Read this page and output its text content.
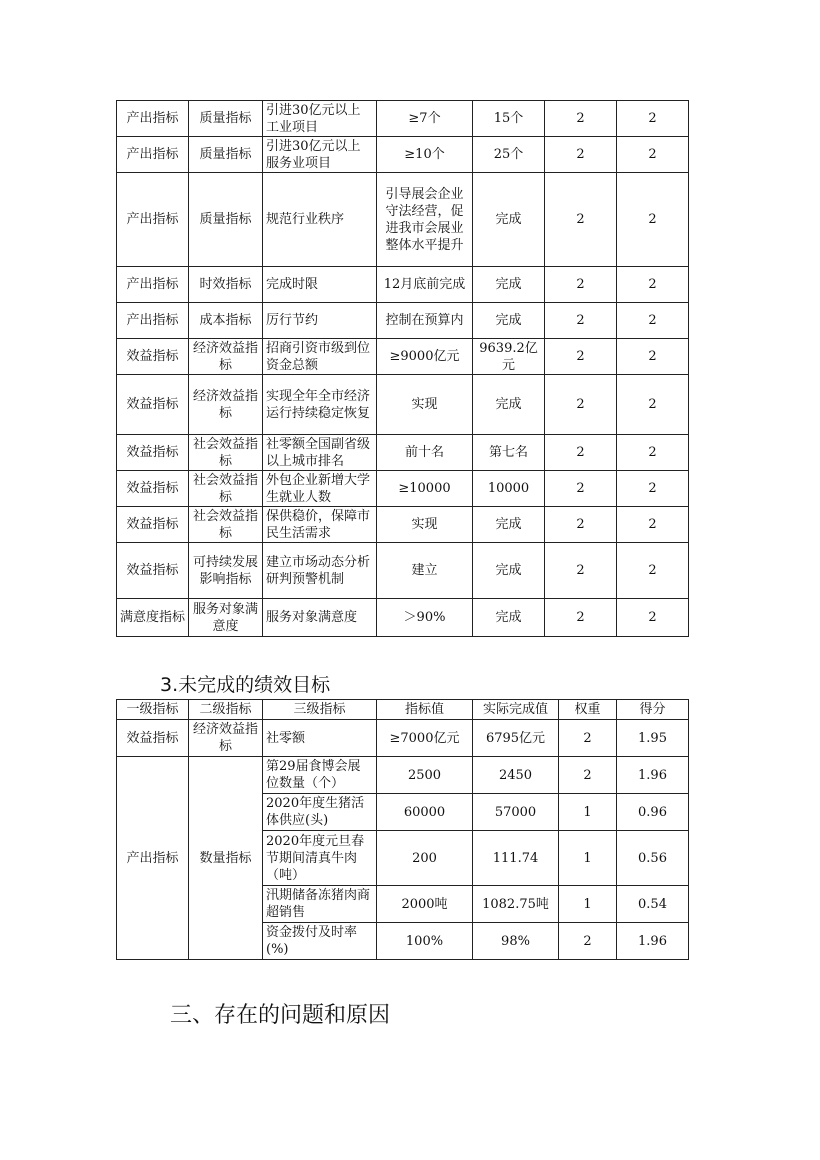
产出指标	质量指标	引进30亿元以上工业项目	≥7个	15个	2	2
产出指标	质量指标	引进30亿元以上服务业项目	≥10个	25个	2	2
产出指标	质量指标	规范行业秩序	引导展会企业守法经营，促进我市会展业整体水平提升	完成	2	2
产出指标	时效指标	完成时限	12月底前完成	完成	2	2
产出指标	成本指标	厉行节约	控制在预算内	完成	2	2
效益指标	经济效益指标	招商引资市级到位资金总额	≥9000亿元	9639.2亿元	2	2
效益指标	经济效益指标	实现全年全市经济运行持续稳定恢复	实现	完成	2	2
效益指标	社会效益指标	社零额全国副省级以上城市排名	前十名	第七名	2	2
效益指标	社会效益指标	外包企业新增大学生就业人数	≥10000	10000	2	2
效益指标	社会效益指标	保供稳价，保障市民生活需求	实现	完成	2	2
效益指标	可持续发展影响指标	建立市场动态分析研判预警机制	建立	完成	2	2
满意度指标	服务对象满意度	服务对象满意度	＞90%	完成	2	2
3.未完成的绩效目标
一级指标	二级指标	三级指标	指标值	实际完成值	权重	得分
效益指标	经济效益指标	社零额	≥7000亿元	6795亿元	2	1.95
产出指标	数量指标	第29届食博会展位数量（个）	2500	2450	2	1.96
		2020年度生猪活体供应(头)	60000	57000	1	0.96
		2020年度元旦春节期间清真牛肉（吨）	200	111.74	1	0.56
		汛期储备冻猪肉商超销售	2000吨	1082.75吨	1	0.54
		资金拨付及时率(%)	100%	98%	2	1.96
三、存在的问题和原因
